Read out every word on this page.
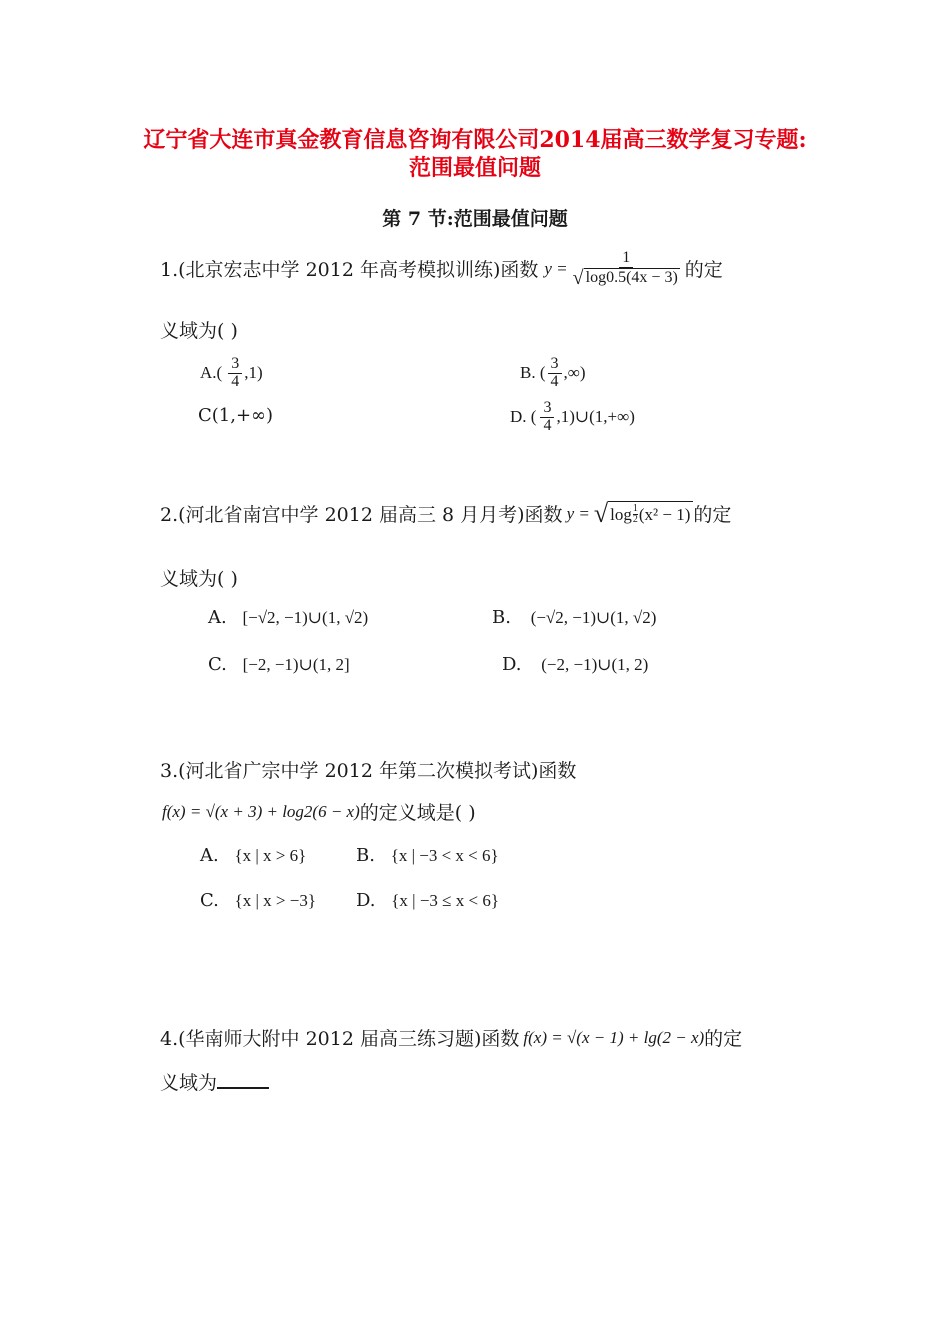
辽宁省大连市真金教育信息咨询有限公司2014届高三数学复习专题:
范围最值问题
第 7 节:范围最值问题
1.(北京宏志中学 2012 年高考模拟训练)函数 $y = \frac{1}{√ \log 0.5(4x - 3)}$ 的定
义域为( )
$A.( \frac{3}{4} ,1)$	B. ( $\frac{3}{4}$ ,∞)
C(1,+∞)	D. ( $\frac{3}{4}$ ,1)∪(1,+∞)
2.(河北省南宫中学 2012 届高三 8 月月考)函数 y = √ log 1
2 (x² − 1) 的定
义域为( )
A. [−√2, −1)∪(1, √2)	B. (−√2, −1)∪(1, √2)
C. [−2, −1)∪(1, 2]	D. (−2, −1)∪(1, 2)
3.(河北省广宗中学 2012 年第二次模拟考试)函数
f(x) = √(x + 3) + log2(6 − x) 的定义域是( )
A. {x | x > 6}	B. {x | −3 < x < 6}
C. {x | x > −3} D. {x | −3 ≤ x < 6}
4.(华南师大附中 2012 届高三练习题)函数 f(x) = √(x − 1) + lg(2 − x) 的定
义域为
